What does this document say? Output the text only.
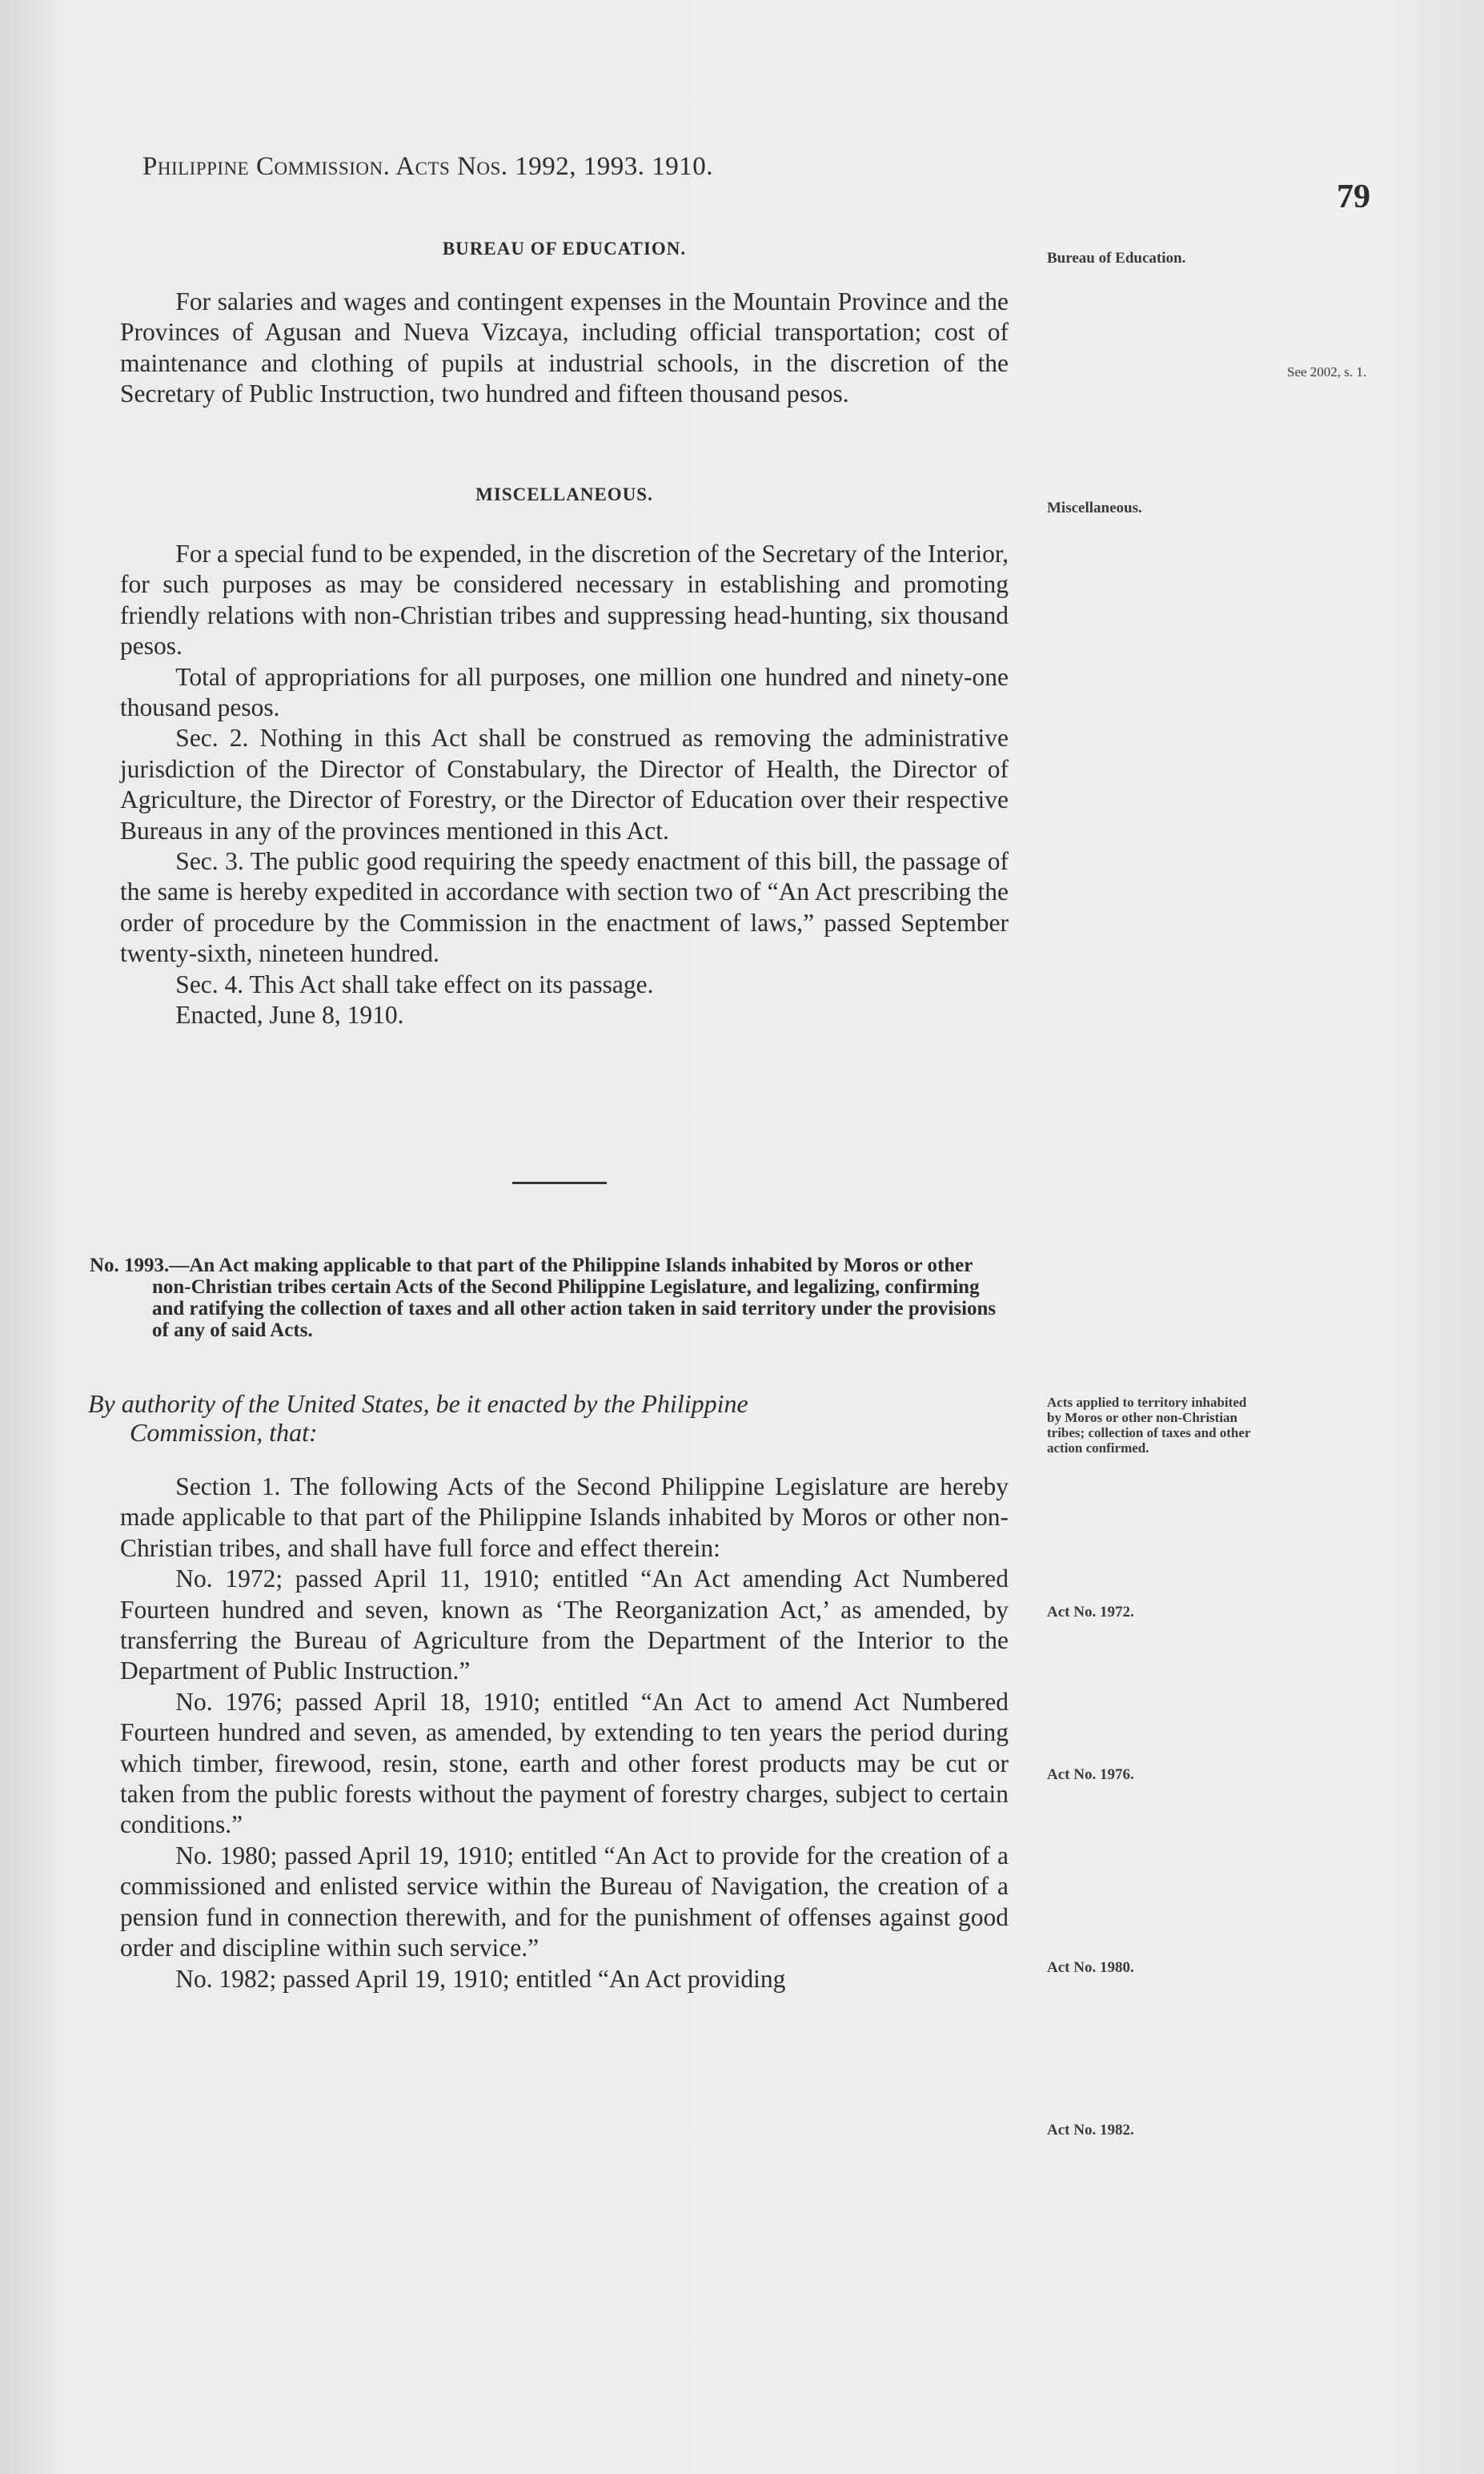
Philippine Commission. Acts Nos. 1992, 1993. 1910.
79
BUREAU OF EDUCATION.

For salaries and wages and contingent expenses in the Mountain Province and the Provinces of Agusan and Nueva Vizcaya, including official transportation; cost of maintenance and clothing of pupils at industrial schools, in the discretion of the Secretary of Public Instruction, two hundred and fifteen thousand pesos.

Bureau of Education.
See 2002, s. 1.
MISCELLANEOUS.
Miscellaneous.

For a special fund to be expended, in the discretion of the Secretary of the Interior, for such purposes as may be considered necessary in establishing and promoting friendly relations with non-Christian tribes and suppressing head-hunting, six thousand pesos.

Total of appropriations for all purposes, one million one hundred and ninety-one thousand pesos.

Sec. 2. Nothing in this Act shall be construed as removing the administrative jurisdiction of the Director of Constabulary, the Director of Health, the Director of Agriculture, the Director of Forestry, or the Director of Education over their respective Bureaus in any of the provinces mentioned in this Act.

Sec. 3. The public good requiring the speedy enactment of this bill, the passage of the same is hereby expedited in accordance with section two of “An Act prescribing the order of procedure by the Commission in the enactment of laws,” passed September twenty-sixth, nineteen hundred.

Sec. 4. This Act shall take effect on its passage.

Enacted, June 8, 1910.

No. 1993.—An Act making applicable to that part of the Philippine Islands inhabited by Moros or other non-Christian tribes certain Acts of the Second Philippine Legislature, and legalizing, confirming and ratifying the collection of taxes and all other action taken in said territory under the provisions of any of said Acts.
By authority of the United States, be it enacted by the Philippine
Commission, that:
Acts applied to territory inhabited by Moros or other non-Christian tribes; collection of taxes and other action confirmed.

Section 1. The following Acts of the Second Philippine Legislature are hereby made applicable to that part of the Philippine Islands inhabited by Moros or other non-Christian tribes, and shall have full force and effect therein:

No. 1972; passed April 11, 1910; entitled “An Act amending Act Numbered Fourteen hundred and seven, known as ‘The Reorganization Act,’ as amended, by transferring the Bureau of Agriculture from the Department of the Interior to the Department of Public Instruction.”

No. 1976; passed April 18, 1910; entitled “An Act to amend Act Numbered Fourteen hundred and seven, as amended, by extending to ten years the period during which timber, firewood, resin, stone, earth and other forest products may be cut or taken from the public forests without the payment of forestry charges, subject to certain conditions.”

No. 1980; passed April 19, 1910; entitled “An Act to provide for the creation of a commissioned and enlisted service within the Bureau of Navigation, the creation of a pension fund in connection therewith, and for the punishment of offenses against good order and discipline within such service.”

No. 1982; passed April 19, 1910; entitled “An Act providing

Act No. 1972.
Act No. 1976.
Act No. 1980.
Act No. 1982.
